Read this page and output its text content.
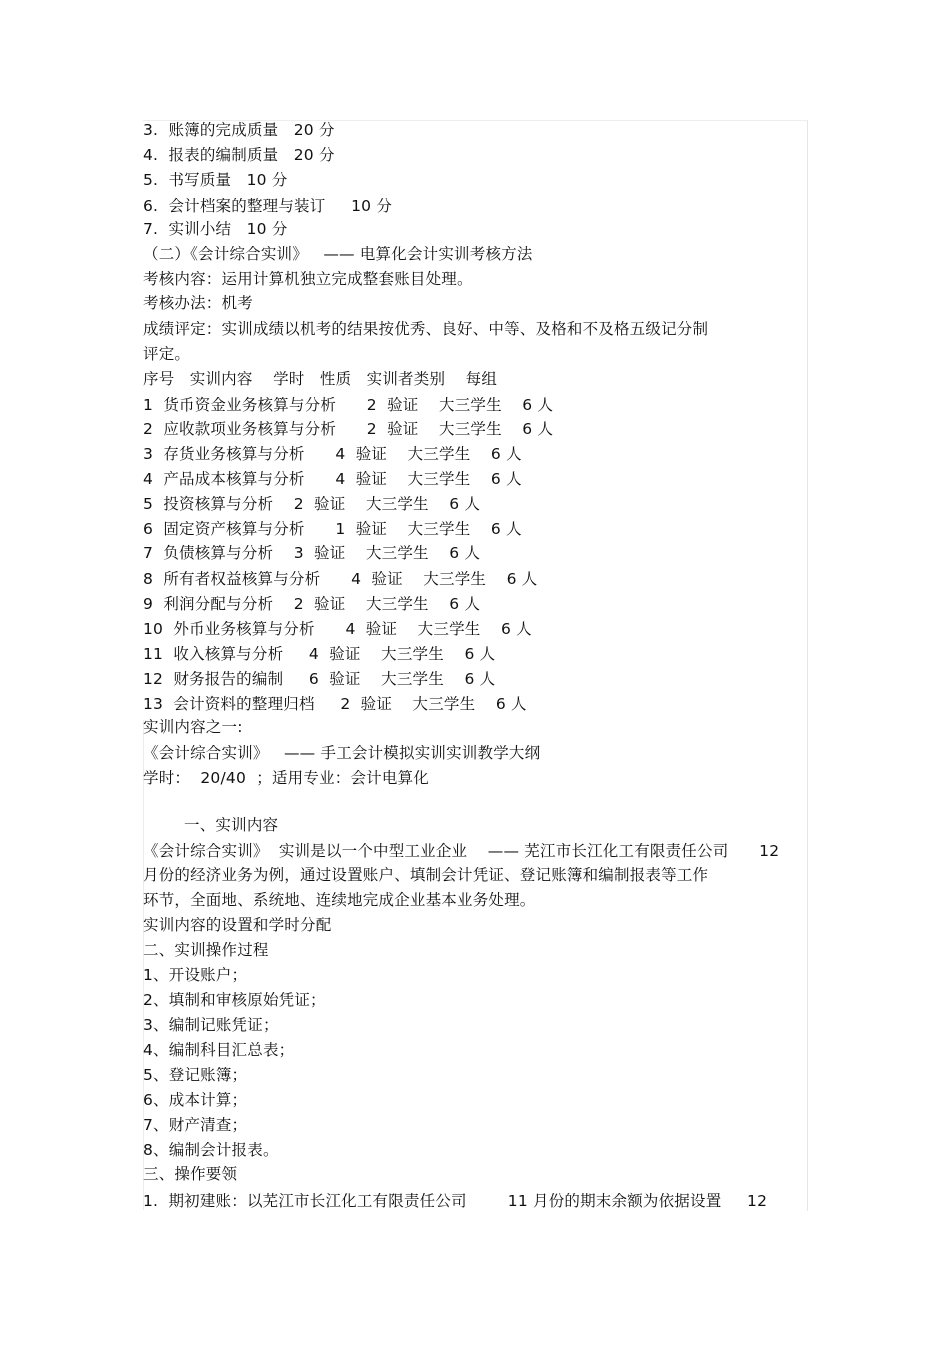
3.  账簿的完成质量   20 分
4.  报表的编制质量   20 分
5.  书写质量   10 分
6.  会计档案的整理与装订     10 分
7.  实训小结   10 分
（二）《会计综合实训》   —— 电算化会计实训考核方法
考核内容：运用计算机独立完成整套账目处理。
考核办法：机考
成绩评定：实训成绩以机考的结果按优秀、良好、中等、及格和不及格五级记分制
评定。
序号   实训内容    学时   性质   实训者类别    每组
1  货币资金业务核算与分析      2  验证    大三学生    6 人
2  应收款项业务核算与分析      2  验证    大三学生    6 人
3  存货业务核算与分析      4  验证    大三学生    6 人
4  产品成本核算与分析      4  验证    大三学生    6 人
5  投资核算与分析    2  验证    大三学生    6 人
6  固定资产核算与分析      1  验证    大三学生    6 人
7  负债核算与分析    3  验证    大三学生    6 人
8  所有者权益核算与分析      4  验证    大三学生    6 人
9  利润分配与分析    2  验证    大三学生    6 人
10  外币业务核算与分析      4  验证    大三学生    6 人
11  收入核算与分析     4  验证    大三学生    6 人
12  财务报告的编制     6  验证    大三学生    6 人
13  会计资料的整理归档     2  验证    大三学生    6 人
实训内容之一:
《会计综合实训》   —— 手工会计模拟实训实训教学大纲
学时：  20/40  ；适用专业：会计电算化
一、实训内容
《会计综合实训》  实训是以一个中型工业企业    —— 芜江市长江化工有限责任公司      12
月份的经济业务为例，通过设置账户、填制会计凭证、登记账簿和编制报表等工作
环节，全面地、系统地、连续地完成企业基本业务处理。
实训内容的设置和学时分配
二、实训操作过程
1、开设账户；
2、填制和审核原始凭证；
3、编制记账凭证；
4、编制科目汇总表；
5、登记账簿；
6、成本计算；
7、财产清查；
8、编制会计报表。
三、操作要领
1.  期初建账：以芜江市长江化工有限责任公司        11 月份的期末余额为依据设置     12
